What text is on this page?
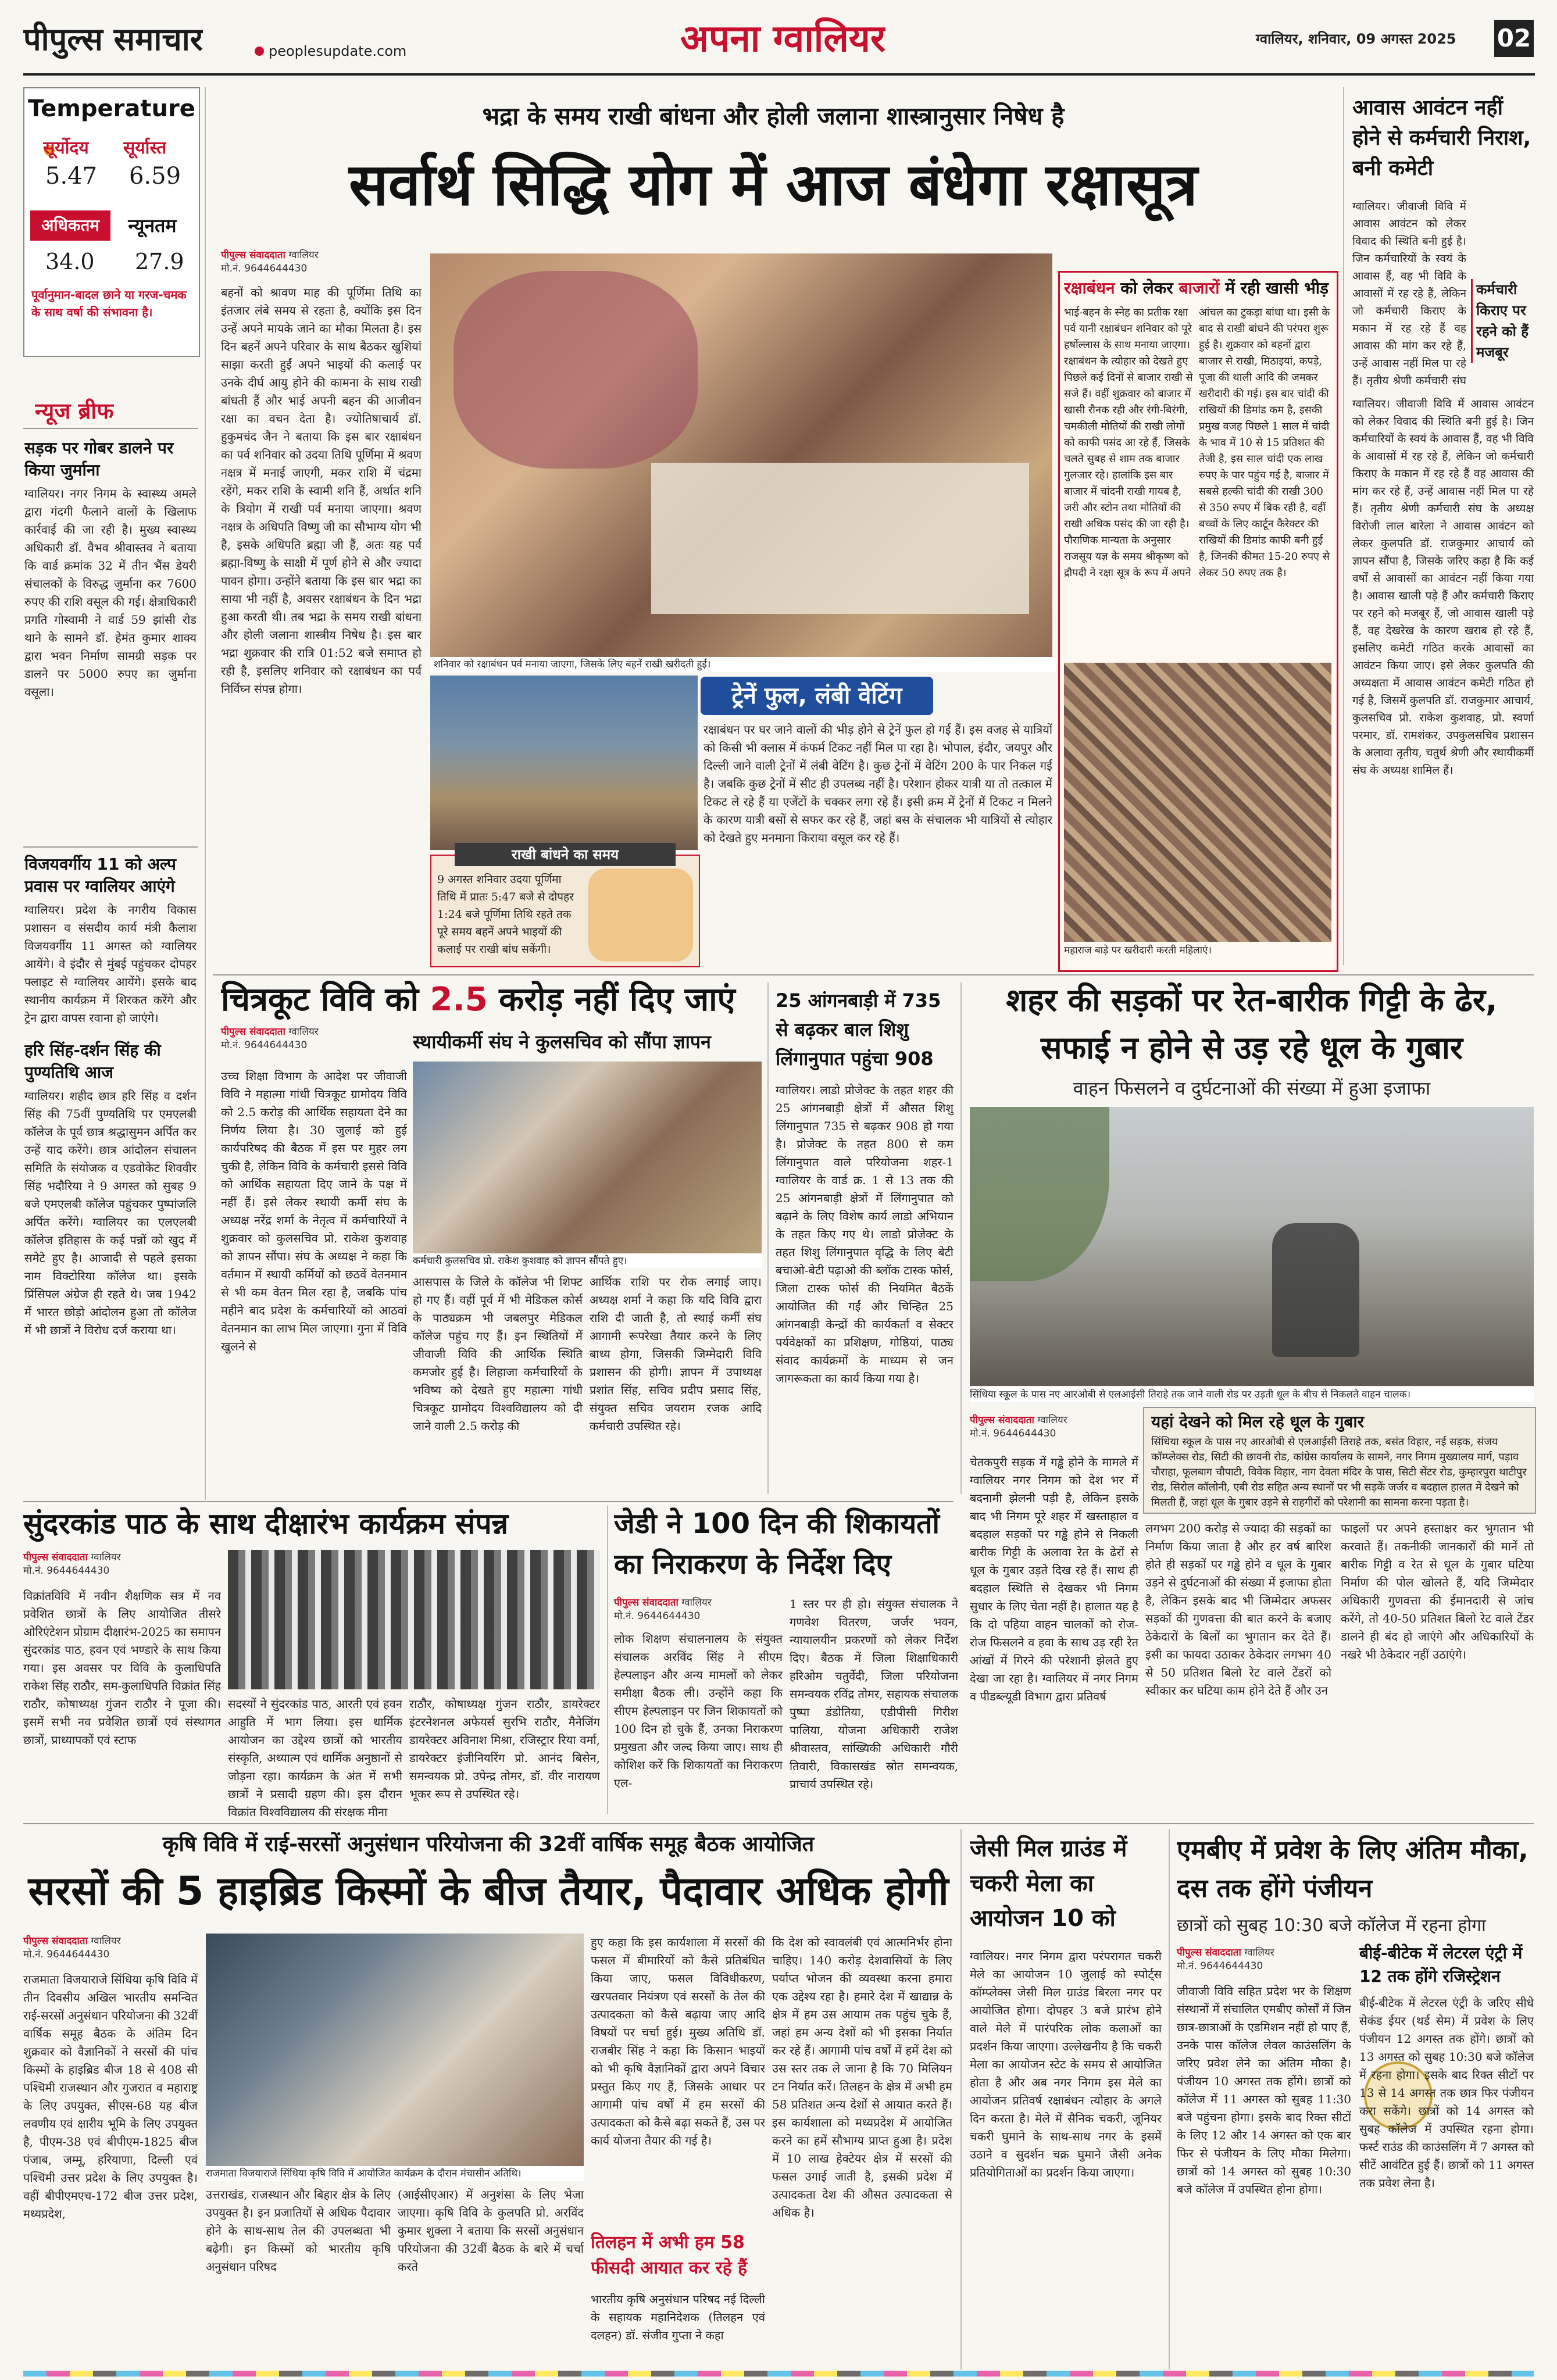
पीपुल्स समाचार	peoplesupdate.com	अपना ग्वालियर	ग्वालियर, शनिवार, 09 अगस्त 2025 02
Temperature
सूर्योदय सूर्यास्त
5.47 6.59
अधिकतम	न्यूनतम
34.0 27.9
पूर्वानुमान-बादल छाने या गरज-चमक के साथ वर्षा की संभावना है।
न्यूज ब्रीफ
सड़क पर गोबर डालने पर किया जुर्माना
ग्वालियर। नगर निगम के स्वास्थ्य अमले द्वारा गंदगी फैलाने वालों के खिलाफ कार्रवाई की जा रही है। मुख्य स्वास्थ्य अधिकारी डॉ. वैभव श्रीवास्तव ने बताया कि वार्ड क्रमांक 32 में तीन भैंस डेयरी संचालकों के विरुद्ध जुर्माना कर 7600 रुपए की राशि वसूल की गई। क्षेत्राधिकारी प्रगति गोस्वामी ने वार्ड 59 झांसी रोड थाने के सामने डॉ. हेमंत कुमार शाक्य द्वारा भवन निर्माण सामग्री सड़क पर डालने पर 5000 रुपए का जुर्माना वसूला।
विजयवर्गीय 11 को अल्प प्रवास पर ग्वालियर आएंगे
ग्वालियर। प्रदेश के नगरीय विकास प्रशासन व संसदीय कार्य मंत्री कैलाश विजयवर्गीय 11 अगस्त को ग्वालियर आयेंगे। वे इंदौर से मुंबई पहुंचकर दोपहर फ्लाइट से ग्वालियर आयेंगे। इसके बाद स्थानीय कार्यक्रम में शिरकत करेंगे और ट्रेन द्वारा वापस रवाना हो जाएंगे।
हरि सिंह-दर्शन सिंह की पुण्यतिथि आज
ग्वालियर। शहीद छात्र हरि सिंह व दर्शन सिंह की 75वीं पुण्यतिथि पर एमएलबी कॉलेज के पूर्व छात्र श्रद्धासुमन अर्पित कर उन्हें याद करेंगे। छात्र आंदोलन संचालन समिति के संयोजक व एडवोकेट शिववीर सिंह भदौरिया ने 9 अगस्त को सुबह 9 बजे एमएलबी कॉलेज पहुंचकर पुष्पांजलि अर्पित करेंगे। ग्वालियर का एलएलबी कॉलेज इतिहास के कई पन्नों को खुद में समेटे हुए है। आजादी से पहले इसका नाम विक्टोरिया कॉलेज था। इसके प्रिंसिपल अंग्रेज ही रहते थे। जब 1942 में भारत छोड़ो आंदोलन हुआ तो कॉलेज में भी छात्रों ने विरोध दर्ज कराया था।
भद्रा के समय राखी बांधना और होली जलाना शास्त्रानुसार निषेध है
सर्वार्थ सिद्धि योग में आज बंधेगा रक्षासूत्र
पीपुल्स संवाददाता ग्वालियर
मो.नं. 9644644430
बहनों को श्रावण माह की पूर्णिमा तिथि का इंतजार लंबे समय से रहता है, क्योंकि इस दिन उन्हें अपने मायके जाने का मौका मिलता है। इस दिन बहनें अपने परिवार के साथ बैठकर खुशियां साझा करती हुईं अपने भाइयों की कलाई पर उनके दीर्घ आयु होने की कामना के साथ राखी बांधती हैं और भाई अपनी बहन की आजीवन रक्षा का वचन देता है। ज्योतिषाचार्य डॉ. हुकुमचंद जैन ने बताया कि इस बार रक्षाबंधन का पर्व शनिवार को उदया तिथि पूर्णिमा में श्रवण नक्षत्र में मनाई जाएगी, मकर राशि में चंद्रमा रहेंगे, मकर राशि के स्वामी शनि हैं, अर्थात शनि के त्रियोग में राखी पर्व मनाया जाएगा। श्रवण नक्षत्र के अधिपति विष्णु जी का सौभाग्य योग भी है, इसके अधिपति ब्रह्मा जी हैं, अतः यह पर्व ब्रह्मा-विष्णु के साक्षी में पूर्ण होने से और ज्यादा पावन होगा। उन्होंने बताया कि इस बार भद्रा का साया भी नहीं है, अवसर रक्षाबंधन के दिन भद्रा हुआ करती थी। तब भद्रा के समय राखी बांधना और होली जलाना शास्त्रीय निषेध है। इस बार भद्रा शुक्रवार की रात्रि 01:52 बजे समाप्त हो रही है, इसलिए शनिवार को रक्षाबंधन का पर्व निर्विघ्न संपन्न होगा।
शनिवार को रक्षाबंधन पर्व मनाया जाएगा, जिसके लिए बहनें राखी खरीदती हुईं।
ट्रेनें फुल, लंबी वेटिंग
रक्षाबंधन पर घर जाने वालों की भीड़ होने से ट्रेनें फुल हो गई हैं। इस वजह से यात्रियों को किसी भी क्लास में कंफर्म टिकट नहीं मिल पा रहा है। भोपाल, इंदौर, जयपुर और दिल्ली जाने वाली ट्रेनों में लंबी वेटिंग है। कुछ ट्रेनों में वेटिंग 200 के पार निकल गई है। जबकि कुछ ट्रेनों में सीट ही उपलब्ध नहीं है। परेशान होकर यात्री या तो तत्काल में टिकट ले रहे हैं या एजेंटों के चक्कर लगा रहे हैं। इसी क्रम में ट्रेनों में टिकट न मिलने के कारण यात्री बसों से सफर कर रहे हैं, जहां बस के संचालक भी यात्रियों से त्योहार को देखते हुए मनमाना किराया वसूल कर रहे हैं।
राखी बांधने का समय
9 अगस्त शनिवार उदया पूर्णिमा तिथि में प्रातः 5:47 बजे से दोपहर 1:24 बजे पूर्णिमा तिथि रहते तक पूरे समय बहनें अपने भाइयों की कलाई पर राखी बांध सकेंगी।
रक्षाबंधन को लेकर बाजारों में रही खासी भीड़
भाई-बहन के स्नेह का प्रतीक रक्षा पर्व यानी रक्षाबंधन शनिवार को पूरे हर्षोल्लास के साथ मनाया जाएगा। रक्षाबंधन के त्योहार को देखते हुए पिछले कई दिनों से बाजार राखी से सजे हैं। वहीं शुक्रवार को बाजार में खासी रौनक रही और रंगी-बिरंगी, चमकीली मोतियों की राखी लोगों को काफी पसंद आ रहे हैं, जिसके चलते सुबह से शाम तक बाजार गुलजार रहे। हालांकि इस बार बाजार में चांदनी राखी गायब है, जरी और स्टोन तथा मोतियों की राखी अधिक पसंद की जा रही है। पौराणिक मान्यता के अनुसार राजसूय यज्ञ के समय श्रीकृष्ण को द्रौपदी ने रक्षा सूत्र के रूप में अपने
आंचल का टुकड़ा बांधा था। इसी के बाद से राखी बांधने की परंपरा शुरू हुई है। शुक्रवार को बहनों द्वारा बाजार से राखी, मिठाइयां, कपड़े, पूजा की थाली आदि की जमकर खरीदारी की गई। इस बार चांदी की राखियों की डिमांड कम है, इसकी प्रमुख वजह पिछले 1 साल में चांदी के भाव में 10 से 15 प्रतिशत की तेजी है, इस साल चांदी एक लाख रुपए के पार पहुंच गई है, बाजार में सबसे हल्की चांदी की राखी 300 से 350 रुपए में बिक रही है, वहीं बच्चों के लिए कार्टून कैरेक्टर की राखियों की डिमांड काफी बनी हुई है, जिनकी कीमत 15-20 रुपए से लेकर 50 रुपए तक है।
महाराज बाड़े पर खरीदारी करती महिलाएं।
आवास आवंटन नहीं होने से कर्मचारी निराश, बनी कमेटी
कर्मचारी किराए पर रहने को हैं मजबूर
ग्वालियर। जीवाजी विवि में आवास आवंटन को लेकर विवाद की स्थिति बनी हुई है। जिन कर्मचारियों के स्वयं के आवास हैं, वह भी विवि के आवासों में रह रहे हैं, लेकिन जो कर्मचारी किराए के मकान में रह रहे हैं वह आवास की मांग कर रहे हैं, उन्हें आवास नहीं मिल पा रहे हैं। तृतीय श्रेणी कर्मचारी संघ
ग्वालियर। जीवाजी विवि में आवास आवंटन को लेकर विवाद की स्थिति बनी हुई है। जिन कर्मचारियों के स्वयं के आवास हैं, वह भी विवि के आवासों में रह रहे हैं, लेकिन जो कर्मचारी किराए के मकान में रह रहे हैं वह आवास की मांग कर रहे हैं, उन्हें आवास नहीं मिल पा रहे हैं। तृतीय श्रेणी कर्मचारी संघ के अध्यक्ष विरोजी लाल बारेला ने आवास आवंटन को लेकर कुलपति डॉ. राजकुमार आचार्य को ज्ञापन सौंपा है, जिसके जरिए कहा है कि कई वर्षों से आवासों का आवंटन नहीं किया गया है। आवास खाली पड़े हैं और कर्मचारी किराए पर रहने को मजबूर हैं, जो आवास खाली पड़े हैं, वह देखरेख के कारण खराब हो रहे हैं, इसलिए कमेटी गठित करके आवासों का आवंटन किया जाए। इसे लेकर कुलपति की अध्यक्षता में आवास आवंटन कमेटी गठित हो गई है, जिसमें कुलपति डॉ. राजकुमार आचार्य, कुलसचिव प्रो. राकेश कुशवाह, प्रो. स्वर्णा परमार, डॉ. रामशंकर, उपकुलसचिव प्रशासन के अलावा तृतीय, चतुर्थ श्रेणी और स्थायीकर्मी संघ के अध्यक्ष शामिल हैं।
चित्रकूट विवि को 2.5 करोड़ नहीं दिए जाएं
पीपुल्स संवाददाता ग्वालियर
मो.नं. 9644644430	स्थायीकर्मी संघ ने कुलसचिव को सौंपा ज्ञापन
उच्च शिक्षा विभाग के आदेश पर जीवाजी विवि ने महात्मा गांधी चित्रकूट ग्रामोदय विवि को 2.5 करोड़ की आर्थिक सहायता देने का निर्णय लिया है। 30 जुलाई को हुई कार्यपरिषद की बैठक में इस पर मुहर लग चुकी है, लेकिन विवि के कर्मचारी इससे विवि को आर्थिक सहायता दिए जाने के पक्ष में नहीं हैं। इसे लेकर स्थायी कर्मी संघ के अध्यक्ष नरेंद्र शर्मा के नेतृत्व में कर्मचारियों ने शुक्रवार को कुलसचिव प्रो. राकेश कुशवाह को ज्ञापन सौंपा। संघ के अध्यक्ष ने कहा कि वर्तमान में स्थायी कर्मियों को छठवें वेतनमान से भी कम वेतन मिल रहा है, जबकि पांच महीने बाद प्रदेश के कर्मचारियों को आठवां वेतनमान का लाभ मिल जाएगा। गुना में विवि खुलने से
कर्मचारी कुलसचिव प्रो. राकेश कुशवाह को ज्ञापन सौंपते हुए।
आसपास के जिले के कॉलेज भी शिफ्ट हो गए हैं। वहीं पूर्व में भी मेडिकल कोर्स के पाठ्यक्रम भी जबलपुर मेडिकल कॉलेज पहुंच गए हैं। इन स्थितियों में जीवाजी विवि की आर्थिक स्थिति कमजोर हुई है। लिहाजा कर्मचारियों के भविष्य को देखते हुए महात्मा गांधी चित्रकूट ग्रामोदय विश्वविद्यालय को दी जाने वाली 2.5 करोड़ की
आर्थिक राशि पर रोक लगाई जाए। अध्यक्ष शर्मा ने कहा कि यदि विवि द्वारा राशि दी जाती है, तो स्थाई कर्मी संघ आगामी रूपरेखा तैयार करने के लिए बाध्य होगा, जिसकी जिम्मेदारी विवि प्रशासन की होगी। ज्ञापन में उपाध्यक्ष प्रशांत सिंह, सचिव प्रदीप प्रसाद सिंह, संयुक्त सचिव जयराम रजक आदि कर्मचारी उपस्थित रहे।
25 आंगनबाड़ी में 735 से बढ़कर बाल शिशु लिंगानुपात पहुंचा 908
ग्वालियर। लाडो प्रोजेक्ट के तहत शहर की 25 आंगनबाड़ी क्षेत्रों में औसत शिशु लिंगानुपात 735 से बढ़कर 908 हो गया है। प्रोजेक्ट के तहत 800 से कम लिंगानुपात वाले परियोजना शहर-1 ग्वालियर के वार्ड क्र. 1 से 13 तक की 25 आंगनबाड़ी क्षेत्रों में लिंगानुपात को बढ़ाने के लिए विशेष कार्य लाडो अभियान के तहत किए गए थे। लाडो प्रोजेक्ट के तहत शिशु लिंगानुपात वृद्धि के लिए बेटी बचाओ-बेटी पढ़ाओ की ब्लॉक टास्क फोर्स, जिला टास्क फोर्स की नियमित बैठकें आयोजित की गईं और चिन्हित 25 आंगनबाड़ी केन्द्रों की कार्यकर्ता व सेक्टर पर्यवेक्षकों का प्रशिक्षण, गोष्ठियां, पाठ्य संवाद कार्यक्रमों के माध्यम से जन जागरूकता का कार्य किया गया है।
शहर की सड़कों पर रेत-बारीक गिट्टी के ढेर, सफाई न होने से उड़ रहे धूल के गुबार
वाहन फिसलने व दुर्घटनाओं की संख्या में हुआ इजाफा
सिंधिया स्कूल के पास नए आरओबी से एलआईसी तिराहे तक जाने वाली रोड पर उड़ती धूल के बीच से निकलते वाहन चालक।
पीपुल्स संवाददाता ग्वालियर
मो.नं. 9644644430
यहां देखने को मिल रहे धूल के गुबार
सिंधिया स्कूल के पास नए आरओबी से एलआईसी तिराहे तक, बसंत विहार, नई सड़क, संजय कॉम्प्लेक्स रोड, सिटी की छावनी रोड, कांग्रेस कार्यालय के सामने, नगर निगम मुख्यालय मार्ग, पड़ाव चौराहा, फूलबाग चौपाटी, विवेक विहार, नाग देवता मंदिर के पास, सिटी सेंटर रोड, कुम्हारपुरा थाटीपुर रोड, सिरोल कॉलोनी, एबी रोड सहित अन्य स्थानों पर भी सड़कें जर्जर व बदहाल हालत में देखने को मिलती हैं, जहां धूल के गुबार उड़ने से राहगीरों को परेशानी का सामना करना पड़ता है।
चेतकपुरी सड़क में गड्ढे होने के मामले में ग्वालियर नगर निगम को देश भर में बदनामी झेलनी पड़ी है, लेकिन इसके बाद भी निगम पूरे शहर में खस्ताहाल व बदहाल सड़कों पर गड्ढे होने से निकली बारीक गिट्टी के अलावा रेत के ढेरों से धूल के गुबार उड़ते दिख रहे हैं। साथ ही बदहाल स्थिति से देखकर भी निगम सुधार के लिए चेता नहीं है। हालात यह है कि दो पहिया वाहन चालकों को रोज-रोज फिसलने व हवा के साथ उड़ रही रेत आंखों में गिरने की परेशानी झेलते हुए देखा जा रहा है। ग्वालियर में नगर निगम व पीडब्ल्यूडी विभाग द्वारा प्रतिवर्ष
लगभग 200 करोड़ से ज्यादा की सड़कों का निर्माण किया जाता है और हर वर्ष बारिश होते ही सड़कों पर गड्ढे होने व धूल के गुबार उड़ने से दुर्घटनाओं की संख्या में इजाफा होता है, लेकिन इसके बाद भी जिम्मेदार अफसर सड़कों की गुणवत्ता की बात करने के बजाए ठेकेदारों के बिलों का भुगतान कर देते हैं। इसी का फायदा उठाकर ठेकेदार लगभग 40 से 50 प्रतिशत बिलो रेट वाले टेंडरों को स्वीकार कर घटिया काम होने देते हैं और उन
फाइलों पर अपने हस्ताक्षर कर भुगतान भी करवाते हैं। तकनीकी जानकारों की मानें तो बारीक गिट्टी व रेत से धूल के गुबार घटिया निर्माण की पोल खोलते हैं, यदि जिम्मेदार अधिकारी गुणवत्ता की ईमानदारी से जांच करेंगे, तो 40-50 प्रतिशत बिलो रेट वाले टेंडर डालने ही बंद हो जाएंगे और अधिकारियों के नखरे भी ठेकेदार नहीं उठाएंगे।
सुंदरकांड पाठ के साथ दीक्षारंभ कार्यक्रम संपन्न
पीपुल्स संवाददाता ग्वालियर
मो.नं. 9644644430
विक्रांतविवि में नवीन शैक्षणिक सत्र में नव प्रवेशित छात्रों के लिए आयोजित तीसरे ओरिएंटेशन प्रोग्राम दीक्षारंभ-2025 का समापन सुंदरकांड पाठ, हवन एवं भण्डारे के साथ किया गया। इस अवसर पर विवि के कुलाधिपति राकेश सिंह राठौर, सम-कुलाधिपति विक्रांत सिंह राठौर, कोषाध्यक्ष गुंजन राठौर ने पूजा की। इसमें सभी नव प्रवेशित छात्रों एवं संस्थागत छात्रों, प्राध्यापकों एवं स्टाफ
सदस्यों ने सुंदरकांड पाठ, आरती एवं हवन आहुति में भाग लिया। इस धार्मिक आयोजन का उद्देश्य छात्रों को भारतीय संस्कृति, अध्यात्म एवं धार्मिक अनुष्ठानों से जोड़ना रहा। कार्यक्रम के अंत में सभी छात्रों ने प्रसादी ग्रहण की। इस दौरान विक्रांत विश्वविद्यालय की संरक्षक मीना
राठौर, कोषाध्यक्ष गुंजन राठौर, डायरेक्टर इंटरनेशनल अफेयर्स सुरभि राठौर, मैनेजिंग डायरेक्टर अविनाश मिश्रा, रजिस्ट्रार रिया वर्मा, डायरेक्टर इंजीनियरिंग प्रो. आनंद बिसेन, समन्वयक प्रो. उपेन्द्र तोमर, डॉ. वीर नारायण भूकर रूप से उपस्थित रहे।
जेडी ने 100 दिन की शिकायतों का निराकरण के निर्देश दिए
पीपुल्स संवाददाता ग्वालियर
मो.नं. 9644644430
लोक शिक्षण संचालनालय के संयुक्त संचालक अरविंद सिंह ने सीएम हेल्पलाइन और अन्य मामलों को लेकर समीक्षा बैठक ली। उन्होंने कहा कि सीएम हेल्पलाइन पर जिन शिकायतों को 100 दिन हो चुके हैं, उनका निराकरण प्रमुखता और जल्द किया जाए। साथ ही कोशिश करें कि शिकायतों का निराकरण एल-
1 स्तर पर ही हो। संयुक्त संचालक ने गणवेश वितरण, जर्जर भवन, न्यायालयीन प्रकरणों को लेकर निर्देश दिए। बैठक में जिला शिक्षाधिकारी हरिओम चतुर्वेदी, जिला परियोजना समन्वयक रविंद्र तोमर, सहायक संचालक पुष्पा डंडोतिया, एडीपीसी गिरीश पालिया, योजना अधिकारी राजेश श्रीवास्तव, सांख्यिकी अधिकारी गौरी तिवारी, विकासखंड स्रोत समन्वयक, प्राचार्य उपस्थित रहे।
कृषि विवि में राई-सरसों अनुसंधान परियोजना की 32वीं वार्षिक समूह बैठक आयोजित
सरसों की 5 हाइब्रिड किस्मों के बीज तैयार, पैदावार अधिक होगी
पीपुल्स संवाददाता ग्वालियर
मो.नं. 9644644430
राजमाता विजयाराजे सिंधिया कृषि विवि में तीन दिवसीय अखिल भारतीय समन्वित राई-सरसों अनुसंधान परियोजना की 32वीं वार्षिक समूह बैठक के अंतिम दिन शुक्रवार को वैज्ञानिकों ने सरसों की पांच किस्मों के हाइब्रिड बीज 18 से 408 सी पश्चिमी राजस्थान और गुजरात व महाराष्ट्र के लिए उपयुक्त, सीएस-68 यह बीज लवणीय एवं क्षारीय भूमि के लिए उपयुक्त है, पीएम-38 एवं बीपीएम-1825 बीज पंजाब, जम्मू, हरियाणा, दिल्ली एवं पश्चिमी उत्तर प्रदेश के लिए उपयुक्त है। वहीं बीपीएमएच-172 बीज उत्तर प्रदेश, मध्यप्रदेश,
राजमाता विजयाराजे सिंधिया कृषि विवि में आयोजित कार्यक्रम के दौरान मंचासीन अतिथि।
उत्तराखंड, राजस्थान और बिहार क्षेत्र के लिए उपयुक्त है। इन प्रजातियों से अधिक पैदावार होने के साथ-साथ तेल की उपलब्धता भी बढ़ेगी। इन किस्मों को भारतीय कृषि अनुसंधान परिषद
(आईसीएआर) में अनुशंसा के लिए भेजा जाएगा। कृषि विवि के कुलपति प्रो. अरविंद कुमार शुक्ला ने बताया कि सरसों अनुसंधान परियोजना की 32वीं बैठक के बारे में चर्चा करते
हुए कहा कि इस कार्यशाला में सरसों की फसल में बीमारियों को कैसे प्रतिबंधित किया जाए, फसल विविधीकरण, खरपतवार नियंत्रण एवं सरसों के तेल की उत्पादकता को कैसे बढ़ाया जाए आदि विषयों पर चर्चा हुई। मुख्य अतिथि डॉ. राजबीर सिंह ने कहा कि किसान भाइयों को भी कृषि वैज्ञानिकों द्वारा अपने विचार प्रस्तुत किए गए हैं, जिसके आधार पर आगामी पांच वर्षों में हम सरसों की उत्पादकता को कैसे बढ़ा सकते हैं, उस पर कार्य योजना तैयार की गई है।
तिलहन में अभी हम 58 फीसदी आयात कर रहे हैं
भारतीय कृषि अनुसंधान परिषद नई दिल्ली के सहायक महानिदेशक (तिलहन एवं दलहन) डॉ. संजीव गुप्ता ने कहा
कि देश को स्वावलंबी एवं आत्मनिर्भर होना चाहिए। 140 करोड़ देशवासियों के लिए पर्याप्त भोजन की व्यवस्था करना हमारा एक उद्देश्य रहा है। हमारे देश में खाद्यान्न के क्षेत्र में हम उस आयाम तक पहुंच चुके हैं, जहां हम अन्य देशों को भी इसका निर्यात कर रहे हैं। आगामी पांच वर्षों में हमें देश को उस स्तर तक ले जाना है कि 70 मिलियन टन निर्यात करें। तिलहन के क्षेत्र में अभी हम 58 प्रतिशत अन्य देशों से आयात करते हैं। इस कार्यशाला को मध्यप्रदेश में आयोजित करने का हमें सौभाग्य प्राप्त हुआ है। प्रदेश में 10 लाख हेक्टेयर क्षेत्र में सरसों की फसल उगाई जाती है, इसकी प्रदेश में उत्पादकता देश की औसत उत्पादकता से अधिक है।
जेसी मिल ग्राउंड में चकरी मेला का आयोजन 10 को
ग्वालियर। नगर निगम द्वारा परंपरागत चकरी मेले का आयोजन 10 जुलाई को स्पोर्ट्स कॉम्प्लेक्स जेसी मिल ग्राउंड बिरला नगर पर आयोजित होगा। दोपहर 3 बजे प्रारंभ होने वाले मेले में पारंपरिक लोक कलाओं का प्रदर्शन किया जाएगा। उल्लेखनीय है कि चकरी मेला का आयोजन स्टेट के समय से आयोजित होता है और अब नगर निगम इस मेले का आयोजन प्रतिवर्ष रक्षाबंधन त्योहार के अगले दिन करता है। मेले में सैनिक चकरी, जूनियर चकरी घुमाने के साथ-साथ नगर के इसमें उठाने व सुदर्शन चक्र घुमाने जैसी अनेक प्रतियोगिताओं का प्रदर्शन किया जाएगा।
एमबीए में प्रवेश के लिए अंतिम मौका, दस तक होंगे पंजीयन
छात्रों को सुबह 10:30 बजे कॉलेज में रहना होगा
पीपुल्स संवाददाता ग्वालियर
मो.नं. 9644644430
जीवाजी विवि सहित प्रदेश भर के शिक्षण संस्थानों में संचालित एमबीए कोर्सों में जिन छात्र-छात्राओं के एडमिशन नहीं हो पाए हैं, उनके पास कॉलेज लेवल काउंसलिंग के जरिए प्रवेश लेने का अंतिम मौका है। पंजीयन 10 अगस्त तक होंगे। छात्रों को कॉलेज में 11 अगस्त को सुबह 11:30 बजे पहुंचना होगा। इसके बाद रिक्त सीटों के लिए 12 और 14 अगस्त को एक बार फिर से पंजीयन के लिए मौका मिलेगा। छात्रों को 14 अगस्त को सुबह 10:30 बजे कॉलेज में उपस्थित होना होगा।
बीई-बीटेक में लेटरल एंट्री में 12 तक होंगे रजिस्ट्रेशन
बीई-बीटेक में लेटरल एंट्री के जरिए सीधे सेकंड ईयर (थर्ड सेम) में प्रवेश के लिए पंजीयन 12 अगस्त तक होंगे। छात्रों को 13 अगस्त को सुबह 10:30 बजे कॉलेज में रहना होगा। इसके बाद रिक्त सीटों पर 13 से 14 अगस्त तक छात्र फिर पंजीयन करा सकेंगे। छात्रों को 14 अगस्त को सुबह कॉलेज में उपस्थित रहना होगा। फर्स्ट राउंड की काउंसलिंग में 7 अगस्त को सीटें आवंटित हुई हैं। छात्रों को 11 अगस्त तक प्रवेश लेना है।
